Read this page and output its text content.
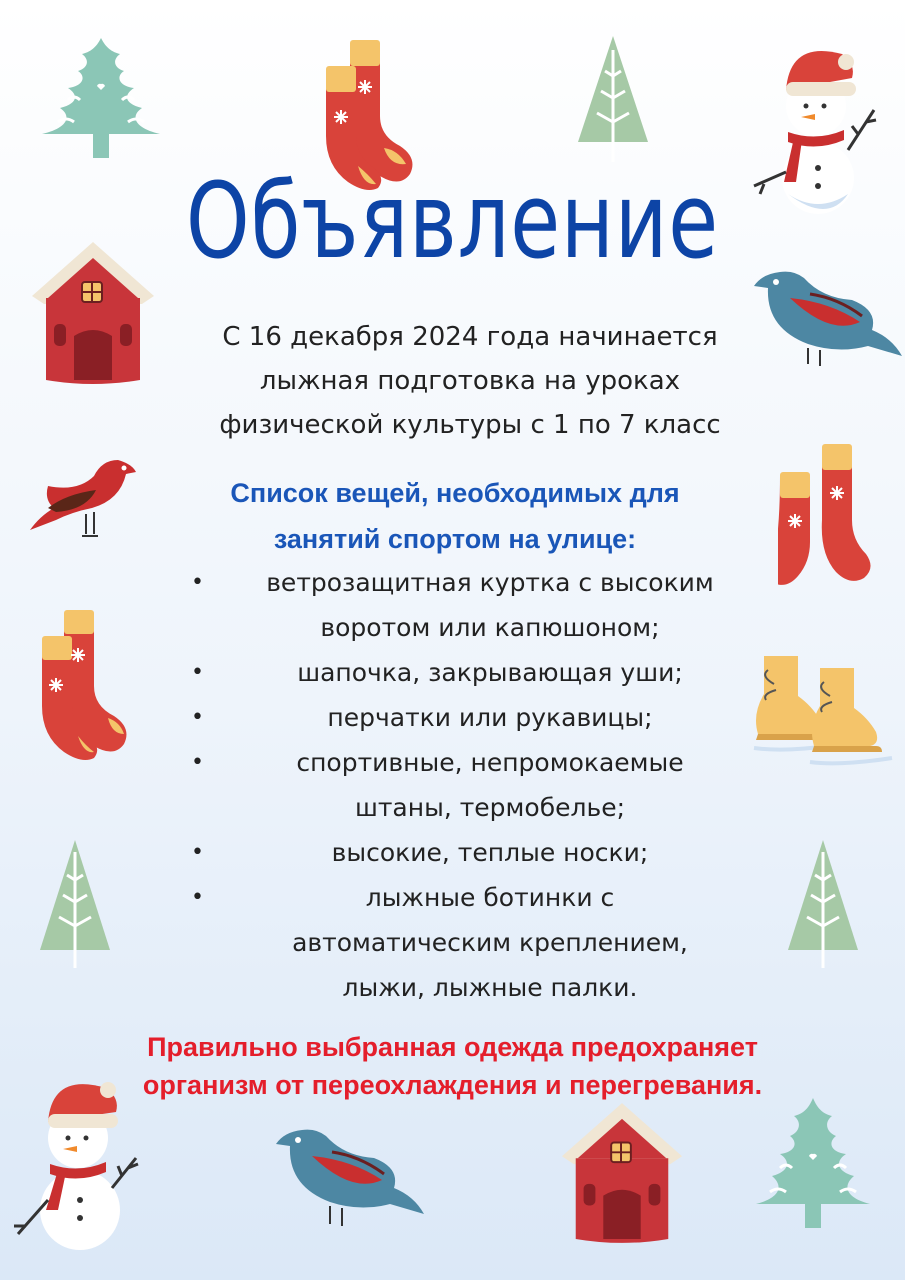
Объявление
С 16 декабря 2024 года начинается
лыжная подготовка на уроках
физической культуры с 1 по 7 класс
Список вещей, необходимых для
занятий спортом на улице:
•	ветрозащитная куртка с высоким
воротом или капюшоном;
•	шапочка, закрывающая уши;
•	перчатки или рукавицы;
•	спортивные, непромокаемые
штаны, термобелье;
•	высокие, теплые носки;
•	лыжные ботинки с
автоматическим креплением,
лыжи, лыжные палки.
Правильно выбранная одежда предохраняет
организм от переохлаждения и перегревания.
